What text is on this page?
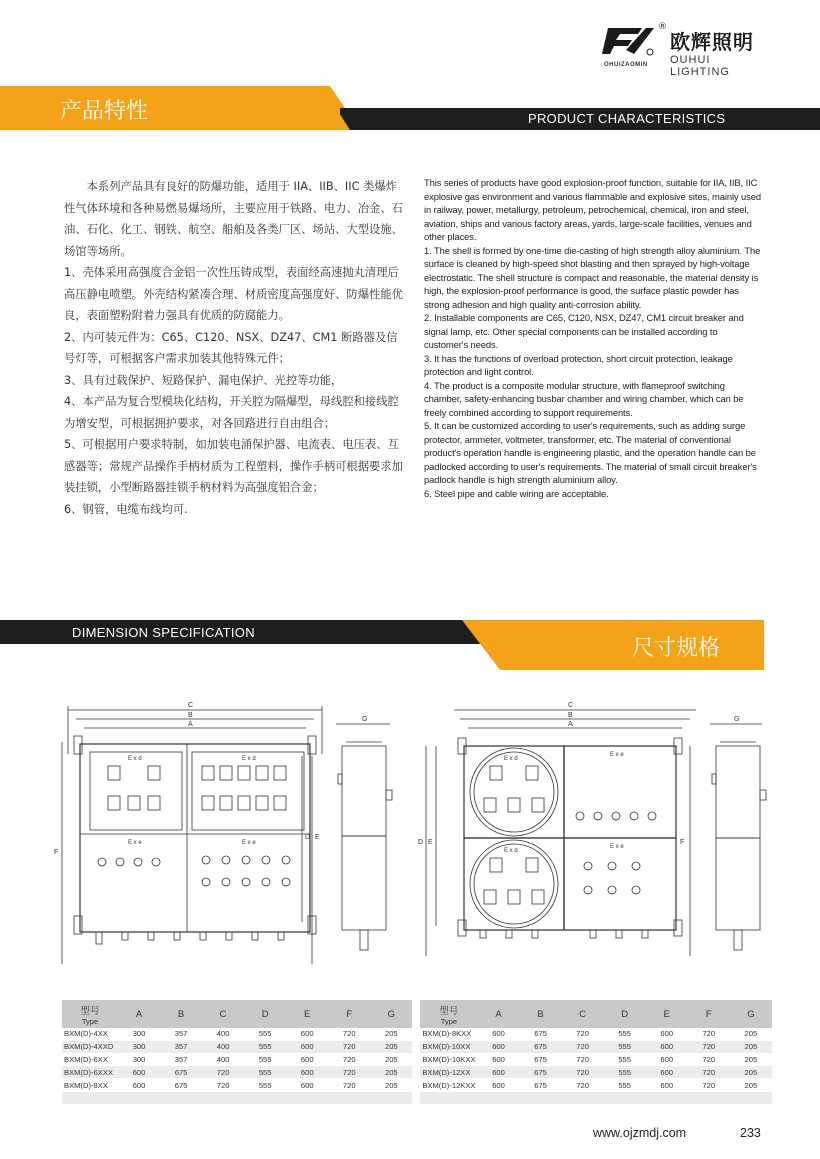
OHUIZAOMIN
欧辉照明
®
OUHUI LIGHTING
产品特性	PRODUCT CHARACTERISTICS

本系列产品具有良好的防爆功能，适用于 IIA、IIB、IIC 类爆炸性气体环境和各种易燃易爆场所，主要应用于铁路、电力、冶金、石油、石化、化工、钢铁、航空、船舶及各类厂区、场站、大型设施、场馆等场所。

1、壳体采用高强度合金铝一次性压铸成型，表面经高速抛丸清理后高压静电喷塑。外壳结构紧凑合理、材质密度高强度好、防爆性能优良，表面塑粉附着力强具有优质的防腐能力。

2、内可装元件为：C65、C120、NSX、DZ47、CM1 断路器及信号灯等，可根据客户需求加装其他特殊元件；

3、具有过载保护、短路保护、漏电保护、光控等功能，

4、本产品为复合型模块化结构，开关腔为隔爆型，母线腔和接线腔为增安型，可根据拥护要求，对各回路进行自由组合；

5、可根据用户要求特制，如加装电涌保护器、电流表、电压表、互感器等；常规产品操作手柄材质为工程塑料，操作手柄可根据要求加装挂锁，小型断路器挂锁手柄材料为高强度铝合金；

6、钢管，电缆布线均可.

This series of products have good explosion-proof function, suitable for IIA, IIB, IIC explosive gas environment and various flammable and explosive sites, mainly used in railway, power, metallurgy, petroleum, petrochemical, chemical, iron and steel, aviation, ships and various factory areas, yards, large-scale facilities, venues and other places.

1. The shell is formed by one-time die-casting of high strength alloy aluminium. The surface is cleaned by high-speed shot blasting and then sprayed by high-voltage electrostatic. The shell structure is compact and reasonable, the material density is high, the explosion-proof performance is good, the surface plastic powder has strong adhesion and high quality anti-corrosion ability.

2. Installable components are C65, C120, NSX, DZ47, CM1 circuit breaker and signal lamp, etc. Other special components can be installed according to customer's needs.

3. It has the functions of overload protection, short circuit protection, leakage protection and light control.

4. The product is a composite modular structure, with flameproof switching chamber, safety-enhancing busbar chamber and wiring chamber, which can be freely combined according to support requirements.

5. It can be customized according to user's requirements, such as adding surge protector, ammeter, voltmeter, transformer, etc. The material of conventional product's operation handle is engineering plastic, and the operation handle can be padlocked according to user's requirements. The material of small circuit breaker's padlock handle is high strength aluminium alloy.

6. Steel pipe and cable wiring are acceptable.

DIMENSION SPECIFICATION
尺寸规格
C
B
A
F
D E
E x d	E x d
E x e	E x e
G
C
B
A
E
D	F
E x d
E x d
E x e
E x e
G
型号
Type	A	B	C	D	E	F	G		型号
Type	A	B	C	D	E	F	G
BXM(D)-4XX	300	357	400	555	600	720	205		BXM(D)-8KXX	600	675	720	555	600	720	205
BXM(D)-4XXD	300	357	400	555	600	720	205		BXM(D)-10XX	600	675	720	555	600	720	205
BXM(D)-6XX	300	357	400	555	600	720	205		BXM(D)-10KXX	600	675	720	555	600	720	205
BXM(D)-6XXX	600	675	720	555	600	720	205		BXM(D)-12XX	600	675	720	555	600	720	205
BXM(D)-8XX	600	675	720	555	600	720	205		BXM(D)-12KXX	600	675	720	555	600	720	205

www.ojzmdj.com	233
